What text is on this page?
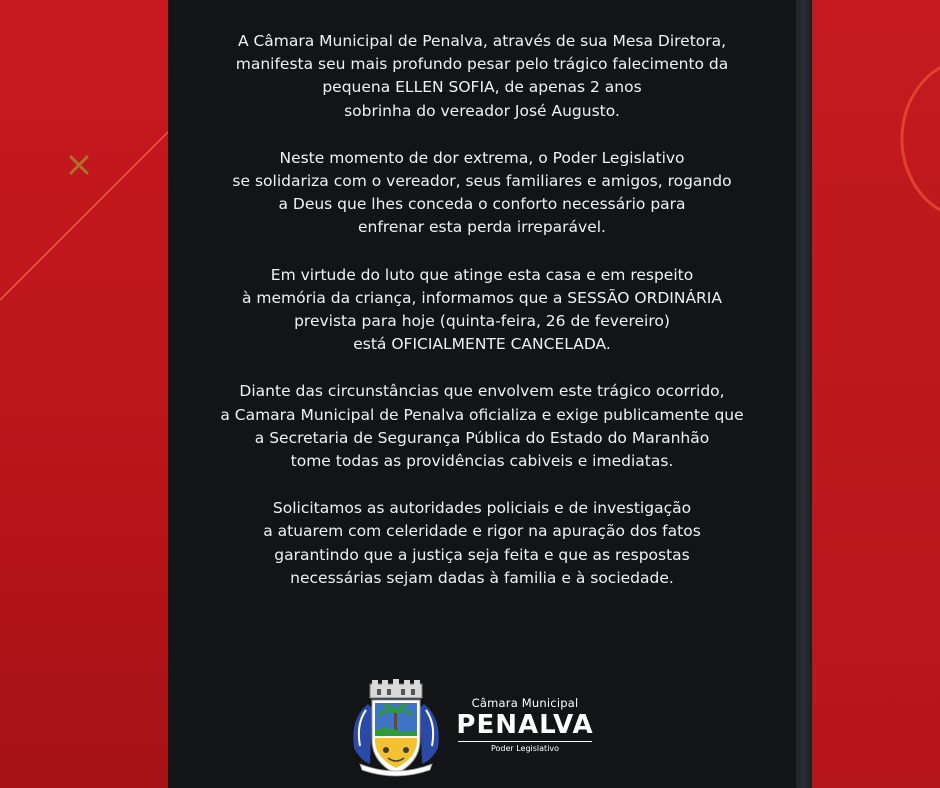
A Câmara Municipal de Penalva, através de sua Mesa Diretora,
manifesta seu mais profundo pesar pelo trágico falecimento da
pequena ELLEN SOFIA, de apenas 2 anos
sobrinha do vereador José Augusto.

Neste momento de dor extrema, o Poder Legislativo
se solidariza com o vereador, seus familiares e amigos, rogando
a Deus que lhes conceda o conforto necessário para
enfrenar esta perda irreparável.

Em virtude do luto que atinge esta casa e em respeito
à memória da criança, informamos que a SESSÃO ORDINÁRIA
prevista para hoje (quinta-feira, 26 de fevereiro)
está OFICIALMENTE CANCELADA.

Diante das circunstâncias que envolvem este trágico ocorrido,
a Camara Municipal de Penalva oficializa e exige publicamente que
a Secretaria de Segurança Pública do Estado do Maranhão
tome todas as providências cabiveis e imediatas.

Solicitamos as autoridades policiais e de investigação
a atuarem com celeridade e rigor na apuração dos fatos
garantindo que a justiça seja feita e que as respostas
necessárias sejam dadas à familia e à sociedade.

Câmara Municipal
PENALVA
Poder Legislativo
